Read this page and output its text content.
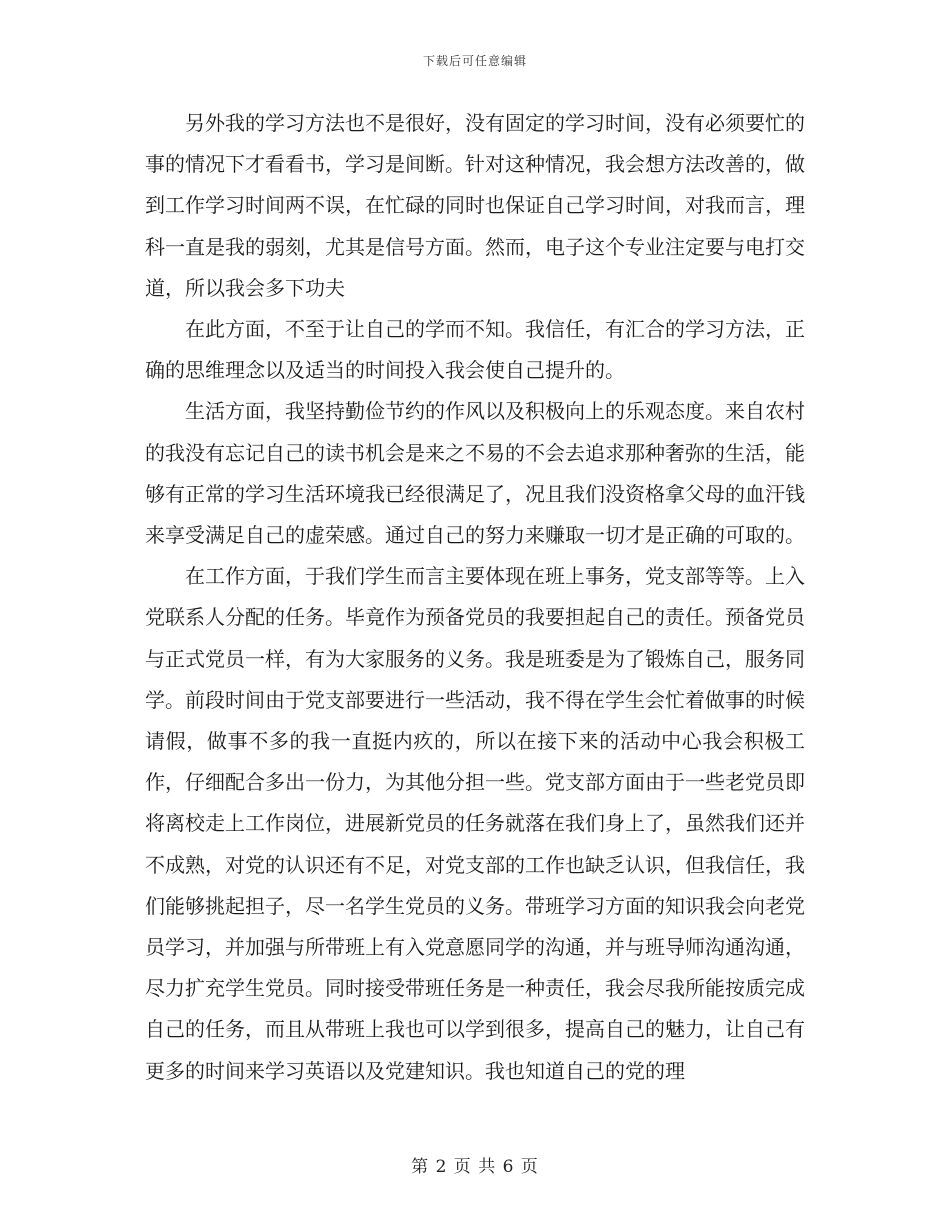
下载后可任意编辑

另外我的学习方法也不是很好，没有固定的学习时间，没有必须要忙的事的情况下才看看书，学习是间断。针对这种情况，我会想方法改善的，做到工作学习时间两不误，在忙碌的同时也保证自己学习时间，对我而言，理科一直是我的弱刻，尤其是信号方面。然而，电子这个专业注定要与电打交道，所以我会多下功夫

在此方面，不至于让自己的学而不知。我信任，有汇合的学习方法，正确的思维理念以及适当的时间投入我会使自己提升的。

生活方面，我坚持勤俭节约的作风以及积极向上的乐观态度。来自农村的我没有忘记自己的读书机会是来之不易的不会去追求那种奢弥的生活，能够有正常的学习生活环境我已经很满足了，况且我们没资格拿父母的血汗钱来享受满足自己的虚荣感。通过自己的努力来赚取一切才是正确的可取的。

在工作方面，于我们学生而言主要体现在班上事务，党支部等等。上入党联系人分配的任务。毕竟作为预备党员的我要担起自己的责任。预备党员与正式党员一样，有为大家服务的义务。我是班委是为了锻炼自己，服务同学。前段时间由于党支部要进行一些活动，我不得在学生会忙着做事的时候请假，做事不多的我一直挺内疚的，所以在接下来的活动中心我会积极工作，仔细配合多出一份力，为其他分担一些。党支部方面由于一些老党员即将离校走上工作岗位，进展新党员的任务就落在我们身上了，虽然我们还并不成熟，对党的认识还有不足，对党支部的工作也缺乏认识，但我信任，我们能够挑起担子，尽一名学生党员的义务。带班学习方面的知识我会向老党员学习，并加强与所带班上有入党意愿同学的沟通，并与班导师沟通沟通，尽力扩充学生党员。同时接受带班任务是一种责任，我会尽我所能按质完成自己的任务，而且从带班上我也可以学到很多，提高自己的魅力，让自己有更多的时间来学习英语以及党建知识。我也知道自己的党的理

第 2 页 共 6 页
